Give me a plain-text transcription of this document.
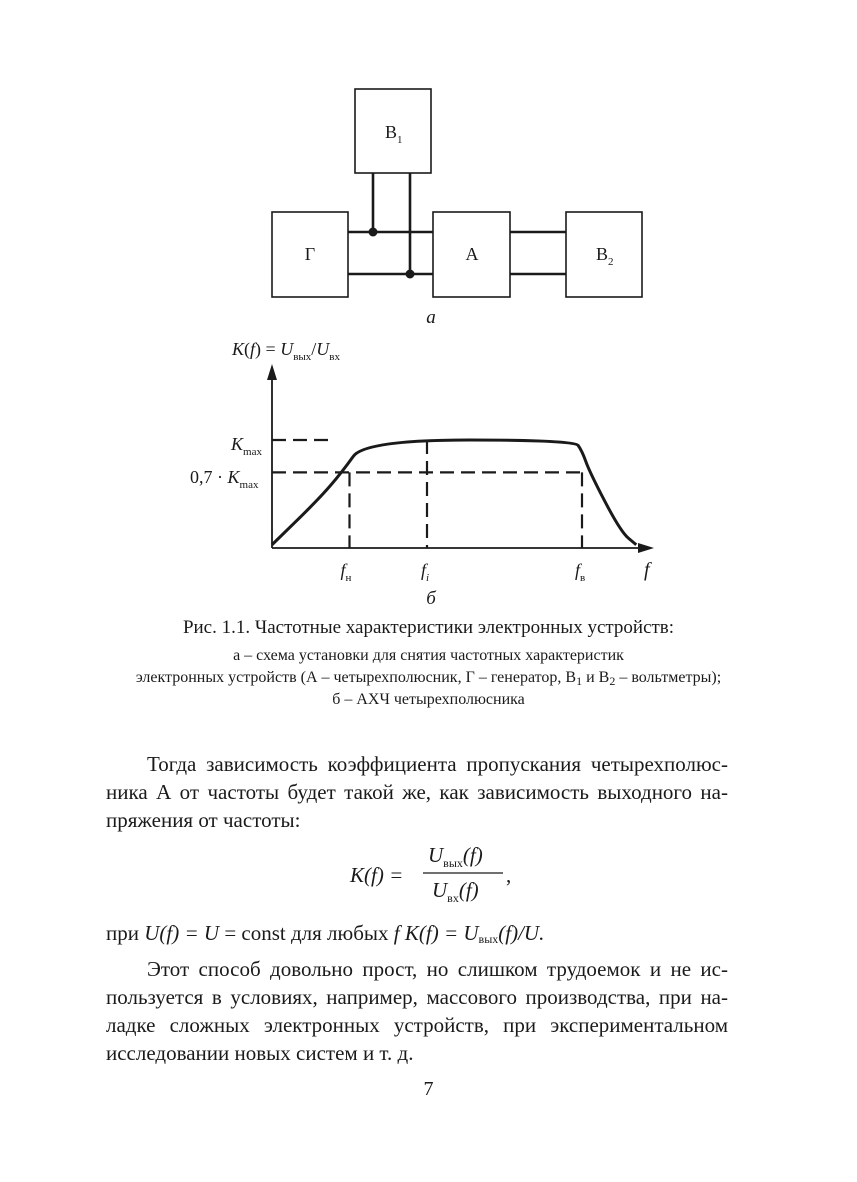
$В_1$
Г	А	$В_2$
а
$K(f) = U_{вых}/U_{вх}$
$K_{max}$
$0,7 \cdot K_{max}$
$f_н$	$f_i$	$f_в$	f
б
Рис. 1.1. Частотные характеристики электронных устройств:
а – схема установки для снятия частотных характеристик
электронных устройств (А – четырехполюсник, Г – генератор, $В_1$ и $В_2$ – вольтметры);
б – АХЧ четырехполюсника
Тогда зависимость коэффициента пропускания четырехполюс-
ника А от частоты будет такой же, как зависимость выходного на-
пряжения от частоты:
K(f) =
$U_{вых}(f)$
$U_{вх}(f)$
,
при U(f) = U = const для любых f $K(f) = U_{вых}(f)/U$.
Этот способ довольно прост, но слишком трудоемок и не ис-
пользуется в условиях, например, массового производства, при на-
ладке сложных электронных устройств, при экспериментальном
исследовании новых систем и т. д.
7
